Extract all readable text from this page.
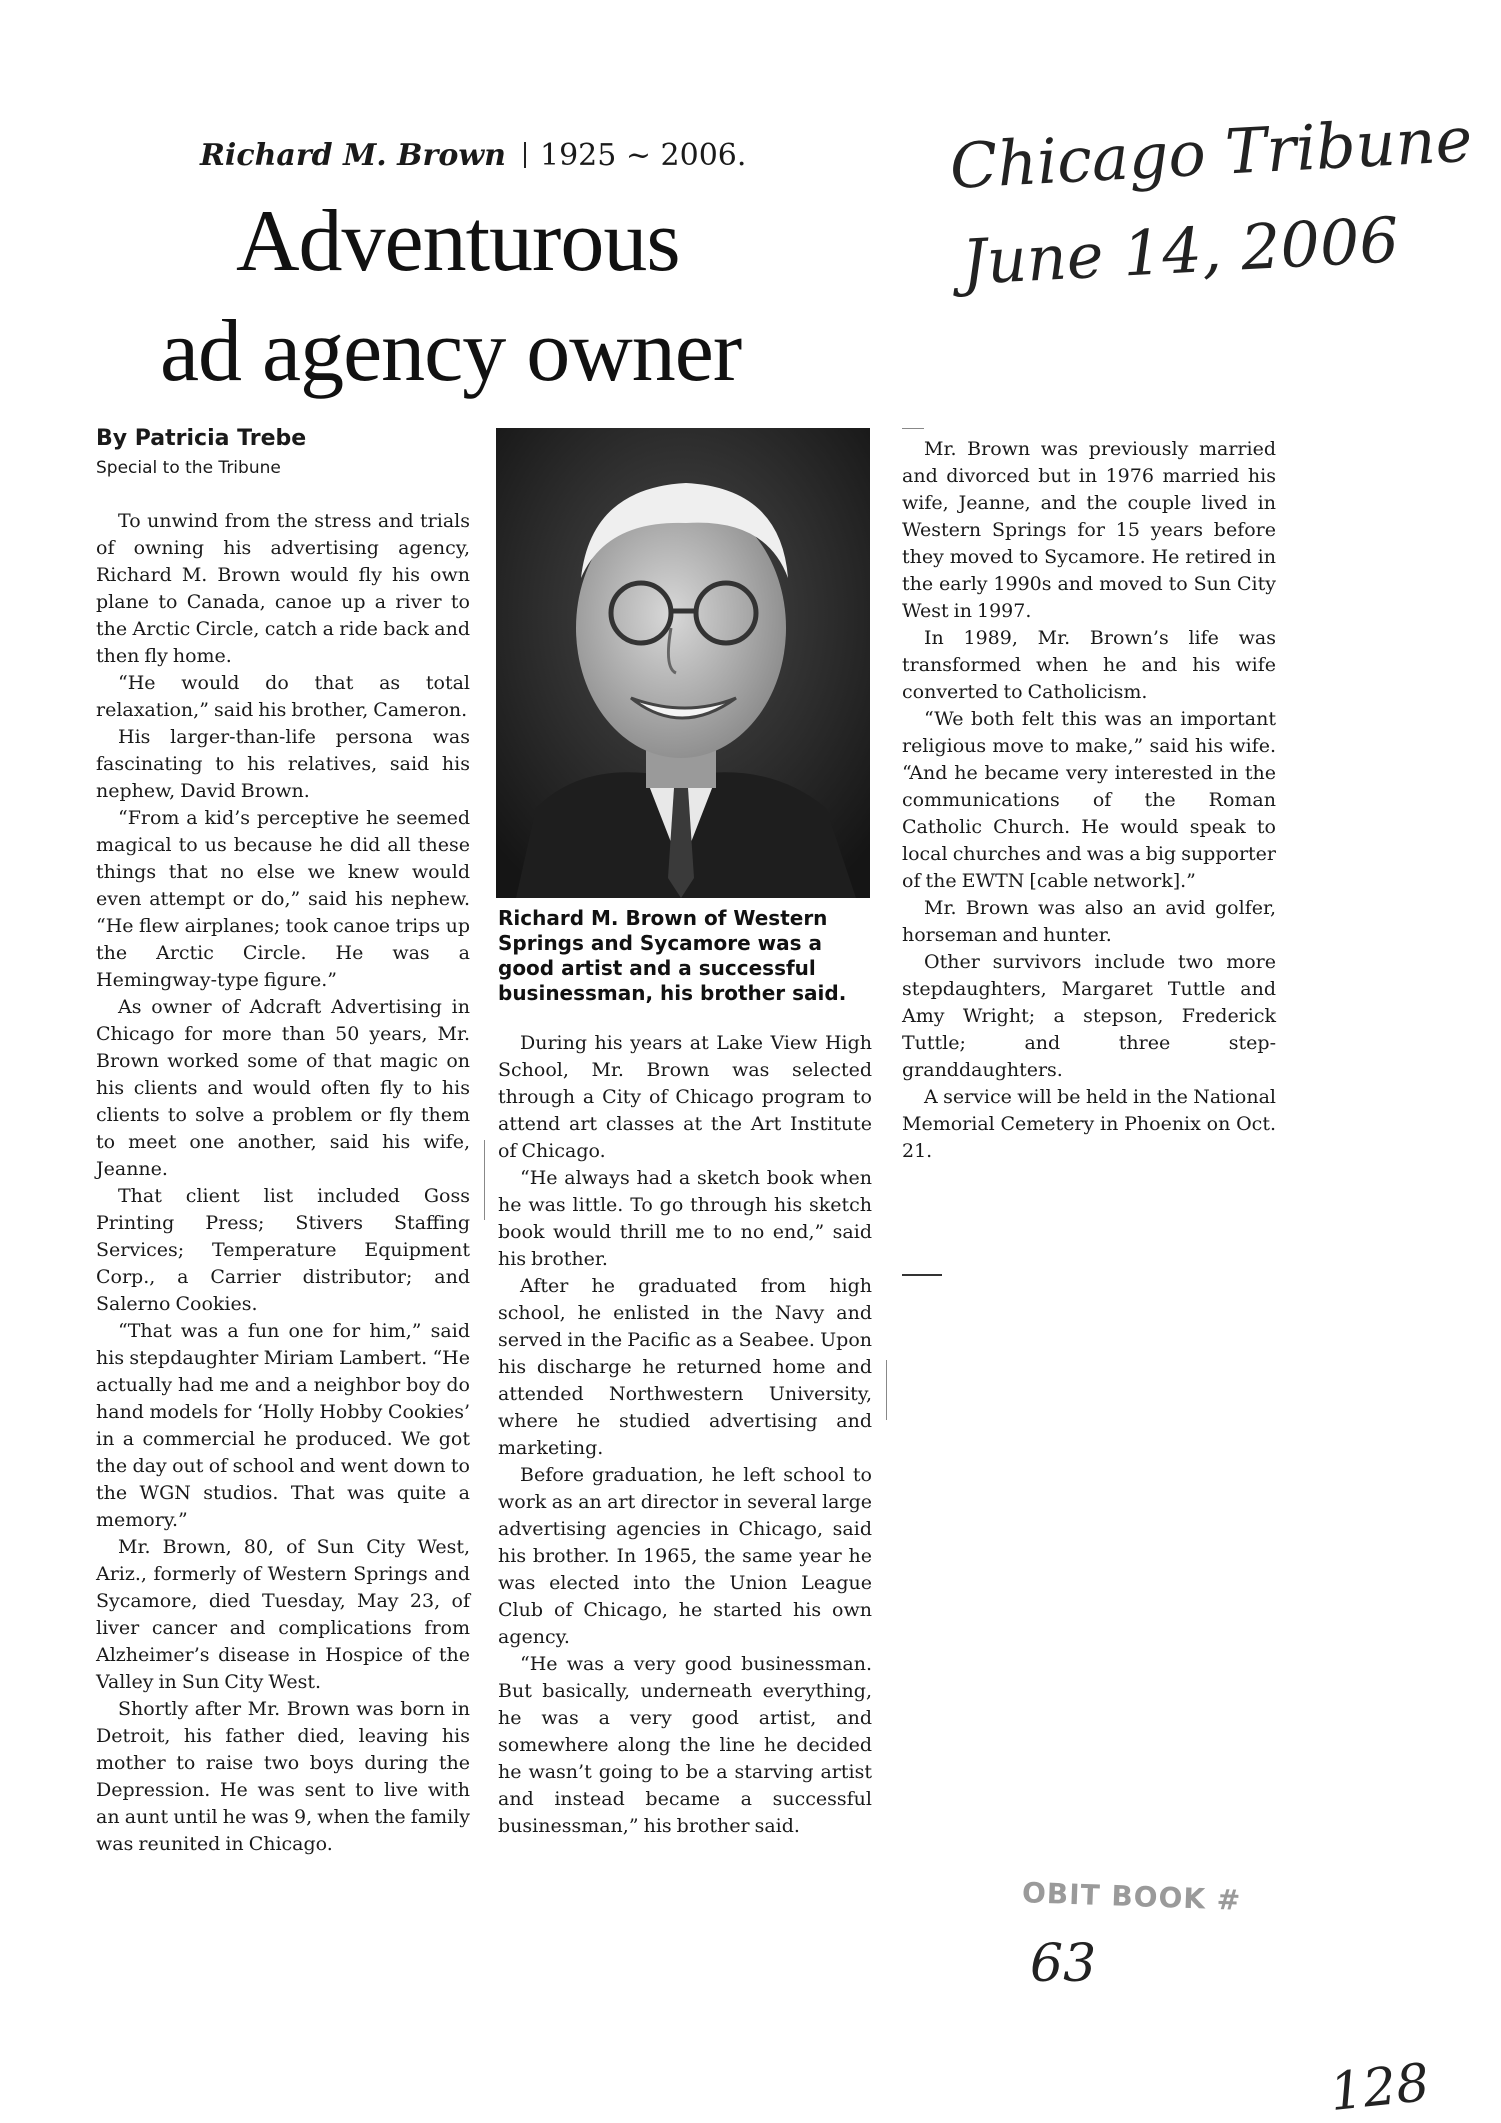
Richard M. Brown 1925 ~ 2006.
Adventurous
ad agency owner
Chicago Tribune
June 14, 2006
By Patricia Trebe
Special to the Tribune

To unwind from the stress and trials of owning his advertising agency, Richard M. Brown would fly his own plane to Canada, canoe up a river to the Arctic Circle, catch a ride back and then fly home.

“He would do that as total relaxation,” said his brother, Cameron.

His larger-than-life persona was fascinating to his relatives, said his nephew, David Brown.

“From a kid’s perceptive he seemed magical to us because he did all these things that no else we knew would even attempt or do,” said his nephew. “He flew airplanes; took canoe trips up the Arctic Circle. He was a Hemingway-type figure.”

As owner of Adcraft Advertising in Chicago for more than 50 years, Mr. Brown worked some of that magic on his clients and would often fly to his clients to solve a problem or fly them to meet one another, said his wife, Jeanne.

That client list included Goss Printing Press; Stivers Staffing Services; Temperature Equipment Corp., a Carrier distributor; and Salerno Cookies.

“That was a fun one for him,” said his stepdaughter Miriam Lambert. “He actually had me and a neighbor boy do hand models for ‘Holly Hobby Cookies’ in a commercial he produced. We got the day out of school and went down to the WGN studios. That was quite a memory.”

Mr. Brown, 80, of Sun City West, Ariz., formerly of Western Springs and Sycamore, died Tuesday, May 23, of liver cancer and complications from Alzheimer’s disease in Hospice of the Valley in Sun City West.

Shortly after Mr. Brown was born in Detroit, his father died, leaving his mother to raise two boys during the Depression. He was sent to live with an aunt until he was 9, when the family was reunited in Chicago.

Richard M. Brown of Western Springs and Sycamore was a good artist and a successful businessman, his brother said.

During his years at Lake View High School, Mr. Brown was selected through a City of Chicago program to attend art classes at the Art Institute of Chicago.

“He always had a sketch book when he was little. To go through his sketch book would thrill me to no end,” said his brother.

After he graduated from high school, he enlisted in the Navy and served in the Pacific as a Seabee. Upon his discharge he returned home and attended Northwestern University, where he studied advertising and marketing.

Before graduation, he left school to work as an art director in several large advertising agencies in Chicago, said his brother. In 1965, the same year he was elected into the Union League Club of Chicago, he started his own agency.

“He was a very good businessman. But basically, underneath everything, he was a very good artist, and somewhere along the line he decided he wasn’t going to be a starving artist and instead became a successful businessman,” his brother said.

Mr. Brown was previously married and divorced but in 1976 married his wife, Jeanne, and the couple lived in Western Springs for 15 years before they moved to Sycamore. He retired in the early 1990s and moved to Sun City West in 1997.

In 1989, Mr. Brown’s life was transformed when he and his wife converted to Catholicism.

“We both felt this was an important religious move to make,” said his wife. “And he became very interested in the communications of the Roman Catholic Church. He would speak to local churches and was a big supporter of the EWTN [cable network].”

Mr. Brown was also an avid golfer, horseman and hunter.

Other survivors include two more stepdaughters, Margaret Tuttle and Amy Wright; a stepson, Frederick Tuttle; and three step-granddaughters.

A service will be held in the National Memorial Cemetery in Phoenix on Oct. 21.

OBIT BOOK #
63
128
